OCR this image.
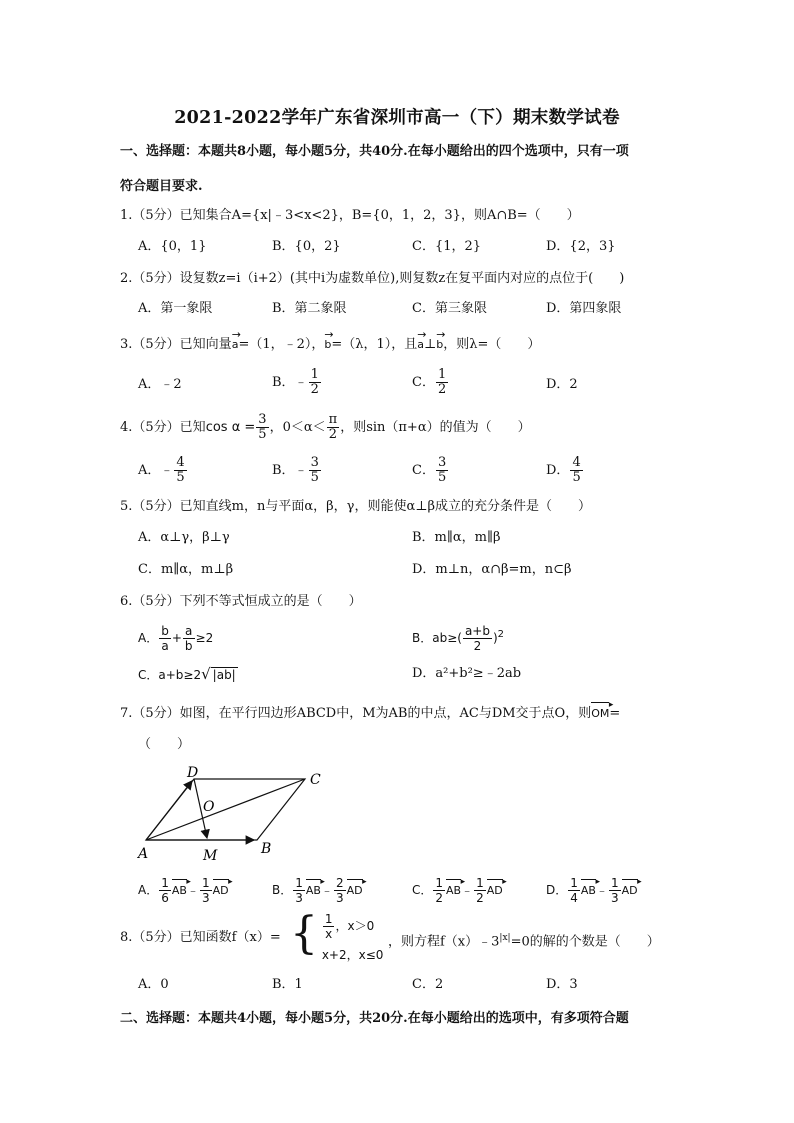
2021-2022学年广东省深圳市高一（下）期末数学试卷
一、选择题：本题共8小题，每小题5分，共40分.在每小题给出的四个选项中，只有一项
符合题目要求.
1.（5分）已知集合A={x|﹣3<x<2}，B={0，1，2，3}，则A∩B=（　　）
A．{0，1}	B．{0，2}	C．{1，2}	D．{2，3}
2.（5分）设复数z=i（i+2）(其中i为虚数单位),则复数z在复平面内对应的点位于(　　)
A．第一象限	B．第二象限	C．第三象限	D．第四象限
3.（5分）已知向量→ a=（1，﹣2），→ b=（λ，1），且→ a⊥→ b，则λ=（　　）
A．﹣2	B．﹣ $\frac{1}{2}$	C． $\frac{1}{2}$	D．2
4.（5分）已知$\cos \alpha = \frac{3}{5}$ ，$0<\alpha< \frac{\pi}{2}$ ，则sin（π+α）的值为（　　）
A．﹣ $\frac{4}{5}$	B．﹣ $\frac{3}{5}$	C． $\frac{3}{5}$	D． $\frac{4}{5}$
5.（5分）已知直线m，n与平面α，β，γ，则能使α⊥β成立的充分条件是（　　）
A．α⊥γ，β⊥γ	B．m∥α，m∥β
C．m∥α，m⊥β	D．m⊥n，α∩β=m，n⊂β
6.（5分）下列不等式恒成立的是（　　）
A． $\frac{b}{a} + \frac{a}{b} \ge 2$	B．$ab\ge( \frac{a+b}{2} )^2$
C．a+b≥2√ |ab|	D．a²+b²≥﹣2ab
7.（5分）如图，在平行四边形ABCD中，M为AB的中点，AC与DM交于点O，则OM ▸=
（　　）
A	M	B
C
D
O
A． $\frac{1}{6}$ AB ▸﹣ $\frac{1}{3}$ AD ▸	B． $\frac{1}{3}$ AB ▸﹣ $\frac{2}{3}$ AD ▸	C． $\frac{1}{2}$ AB ▸﹣ $\frac{1}{2}$ AD ▸	D． $\frac{1}{4}$ AB ▸﹣ $\frac{1}{3}$ AD ▸
8.（5分）已知函数f（x）= { $\frac{1}{x}$ ，x＞0
x+2，x≤0
，则方程$f(x)﹣3^{|x|}=0$的解的个数是（　　）
A．0	B．1	C．2	D．3
二、选择题：本题共4小题，每小题5分，共20分.在每小题给出的选项中，有多项符合题
